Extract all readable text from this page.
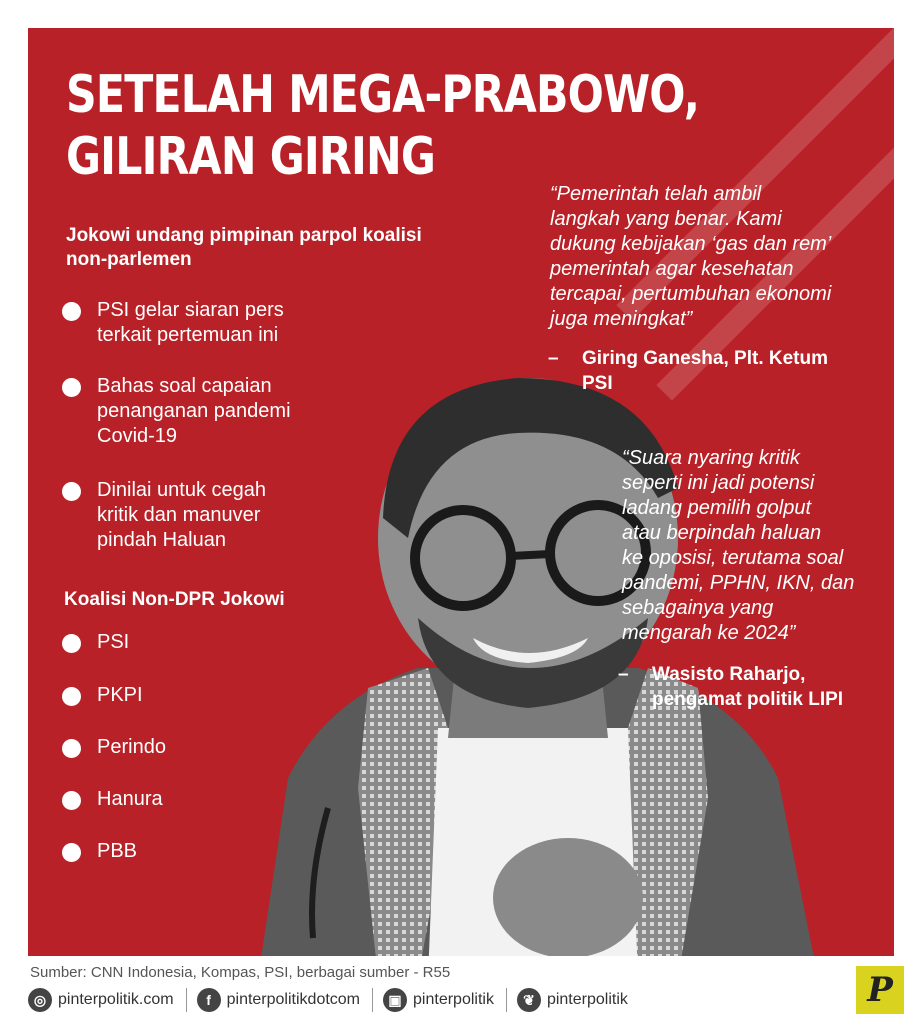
SETELAH MEGA-PRABOWO,
GILIRAN GIRING
Jokowi undang pimpinan parpol koalisi
non-parlemen
PSI gelar siaran pers
terkait pertemuan ini
Bahas soal capaian
penanganan pandemi
Covid-19
Dinilai untuk cegah
kritik dan manuver
pindah Haluan
Koalisi Non-DPR Jokowi
PSI
PKPI
Perindo
Hanura
PBB
“Pemerintah telah ambil
langkah yang benar. Kami
dukung kebijakan ‘gas dan rem’
pemerintah agar kesehatan
tercapai, pertumbuhan ekonomi
juga meningkat”
–	Giring Ganesha, Plt. Ketum
PSI
“Suara nyaring kritik
seperti ini jadi potensi
ladang pemilih golput
atau berpindah haluan
ke oposisi, terutama soal
pandemi, PPHN, IKN, dan
sebagainya yang
mengarah ke 2024”
–	Wasisto Raharjo,
pengamat politik LIPI
Sumber: CNN Indonesia, Kompas, PSI, berbagai sumber - R55
◎ pinterpolitik.com	f pinterpolitikdotcom	▣ pinterpolitik	❦ pinterpolitik	P
